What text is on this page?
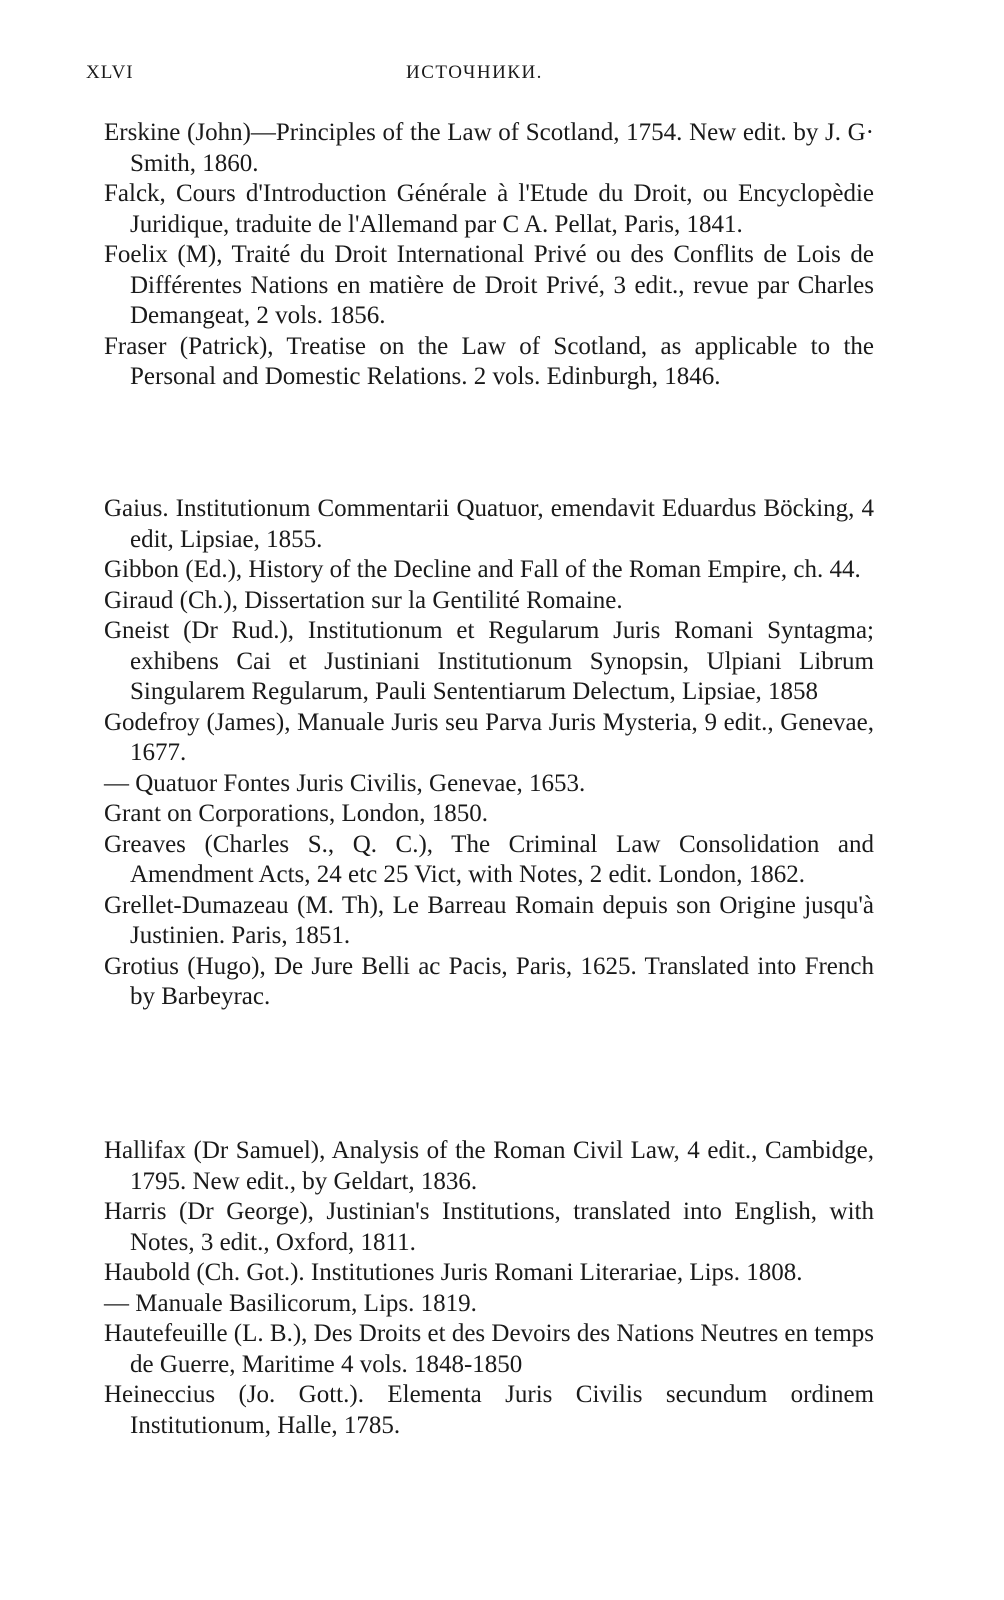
XLVI	ИСТОЧНИКИ.

Erskine (John)—Principles of the Law of Scotland, 1754. New edit. by J. G· Smith, 1860.

Falck, Cours d'Introduction Générale à l'Etude du Droit, ou Encyclopèdie Juridique, traduite de l'Allemand par C A. Pellat, Paris, 1841.

Foelix (M), Traité du Droit International Privé ou des Conflits de Lois de Différentes Nations en matière de Droit Privé, 3 edit., revue par Charles Demangeat, 2 vols. 1856.

Fraser (Patrick), Treatise on the Law of Scotland, as applicable to the Personal and Domestic Relations. 2 vols. Edinburgh, 1846.

Gaius. Institutionum Commentarii Quatuor, emendavit Eduardus Böcking, 4 edit, Lipsiae, 1855.

Gibbon (Ed.), History of the Decline and Fall of the Roman Empire, ch. 44.

Giraud (Ch.), Dissertation sur la Gentilité Romaine.

Gneist (Dr Rud.), Institutionum et Regularum Juris Romani Syntagma; exhibens Cai et Justiniani Institutionum Synopsin, Ulpiani Librum Singularem Regularum, Pauli Sententiarum Delectum, Lipsiae, 1858

Godefroy (James), Manuale Juris seu Parva Juris Mysteria, 9 edit., Genevae, 1677.

— Quatuor Fontes Juris Civilis, Genevae, 1653.

Grant on Corporations, London, 1850.

Greaves (Charles S., Q. C.), The Criminal Law Consolidation and Amendment Acts, 24 etc 25 Vict, with Notes, 2 edit. London, 1862.

Grellet-Dumazeau (M. Th), Le Barreau Romain depuis son Origine jusqu'à Justinien. Paris, 1851.

Grotius (Hugo), De Jure Belli ac Pacis, Paris, 1625. Translated into French by Barbeyrac.

Hallifax (Dr Samuel), Analysis of the Roman Civil Law, 4 edit., Cambidge, 1795. New edit., by Geldart, 1836.

Harris (Dr George), Justinian's Institutions, translated into English, with Notes, 3 edit., Oxford, 1811.

Haubold (Ch. Got.). Institutiones Juris Romani Literariae, Lips. 1808.

— Manuale Basilicorum, Lips. 1819.

Hautefeuille (L. B.), Des Droits et des Devoirs des Nations Neutres en temps de Guerre, Maritime 4 vols. 1848-1850

Heineccius (Jo. Gott.). Elementa Juris Civilis secundum ordinem Institutionum, Halle, 1785.
